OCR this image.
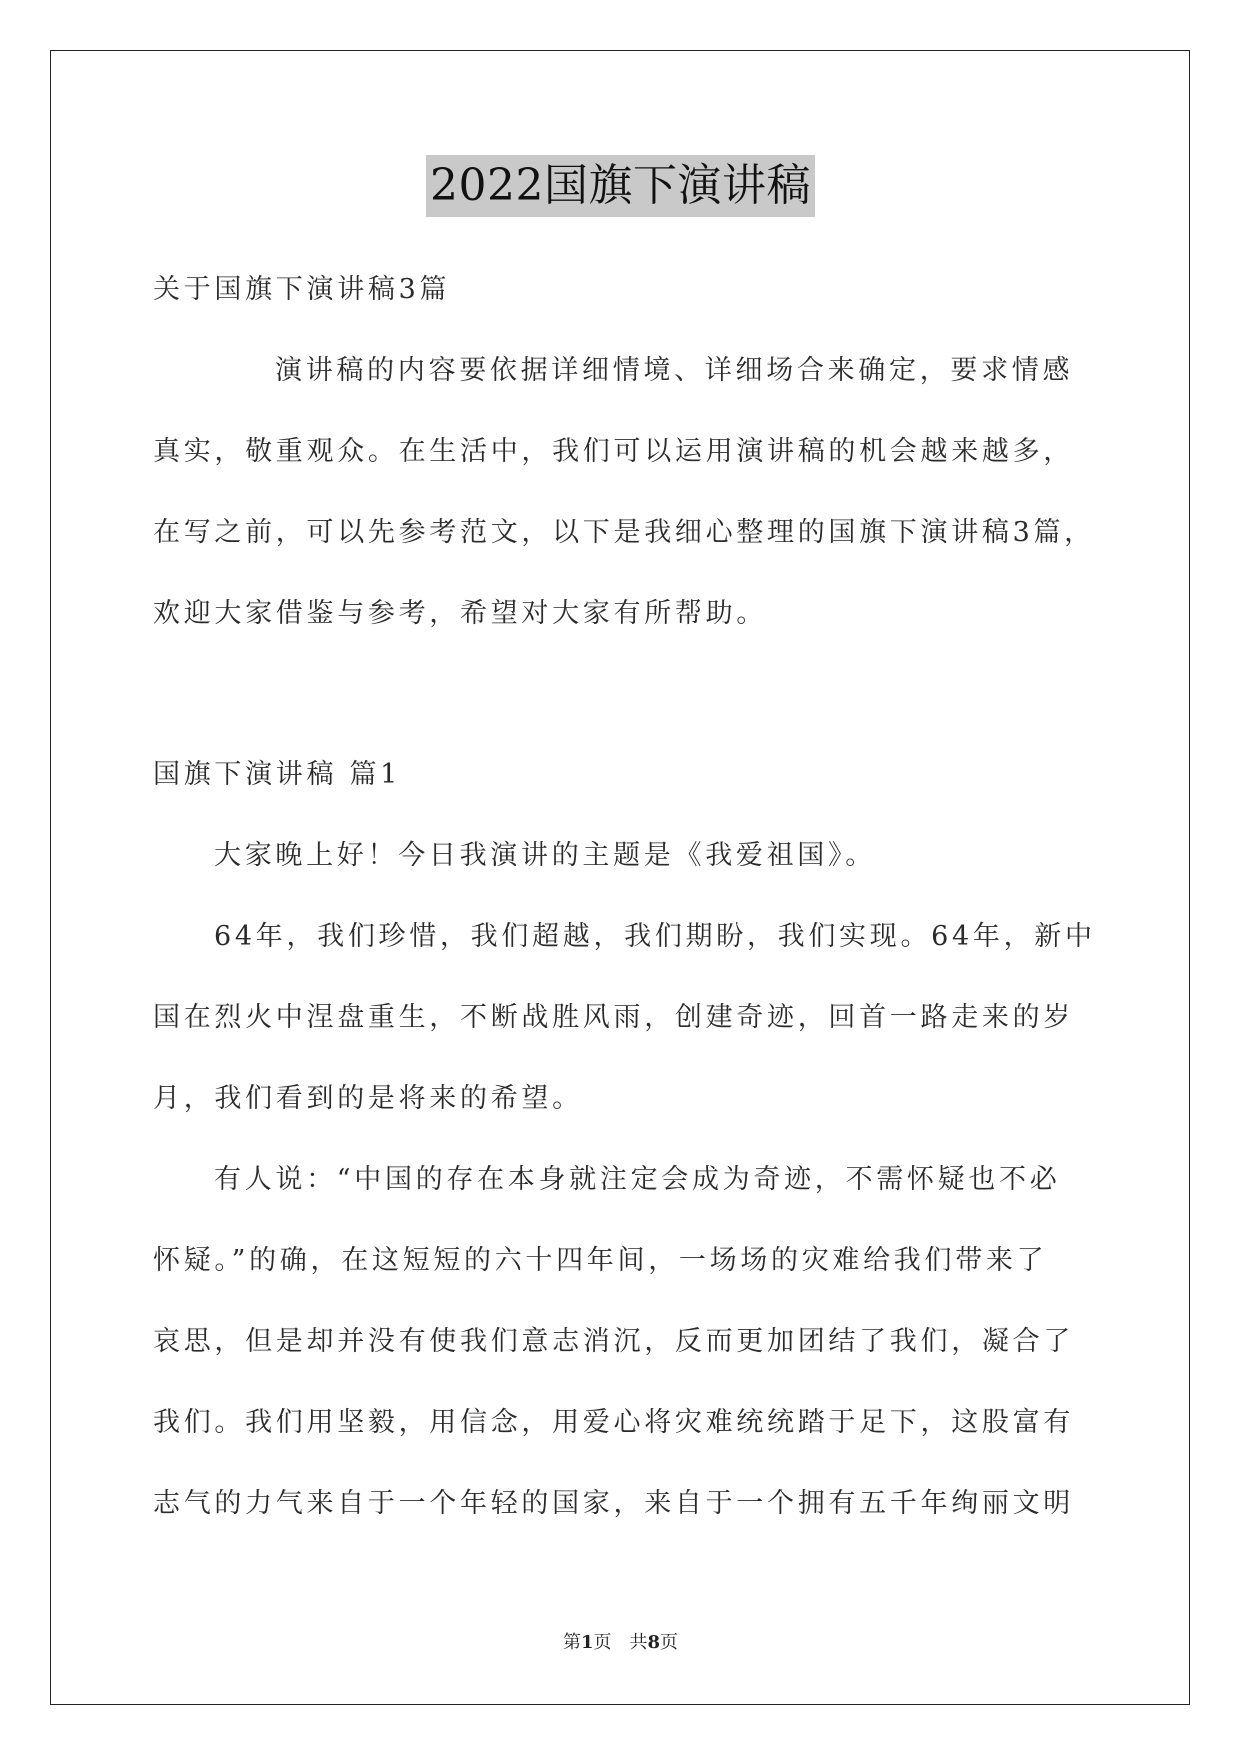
2022国旗下演讲稿
关于国旗下演讲稿3篇
演讲稿的内容要依据详细情境、详细场合来确定，要求情感
真实，敬重观众。在生活中，我们可以运用演讲稿的机会越来越多，
在写之前，可以先参考范文，以下是我细心整理的国旗下演讲稿3篇，
欢迎大家借鉴与参考，希望对大家有所帮助。
国旗下演讲稿 篇1
大家晚上好！今日我演讲的主题是《我爱祖国》。
64年，我们珍惜，我们超越，我们期盼，我们实现。64年，新中
国在烈火中涅盘重生，不断战胜风雨，创建奇迹，回首一路走来的岁
月，我们看到的是将来的希望。
有人说：“中国的存在本身就注定会成为奇迹，不需怀疑也不必
怀疑。”的确，在这短短的六十四年间，一场场的灾难给我们带来了
哀思，但是却并没有使我们意志消沉，反而更加团结了我们，凝合了
我们。我们用坚毅，用信念，用爱心将灾难统统踏于足下，这股富有
志气的力气来自于一个年轻的国家，来自于一个拥有五千年绚丽文明
第1页　共8页
